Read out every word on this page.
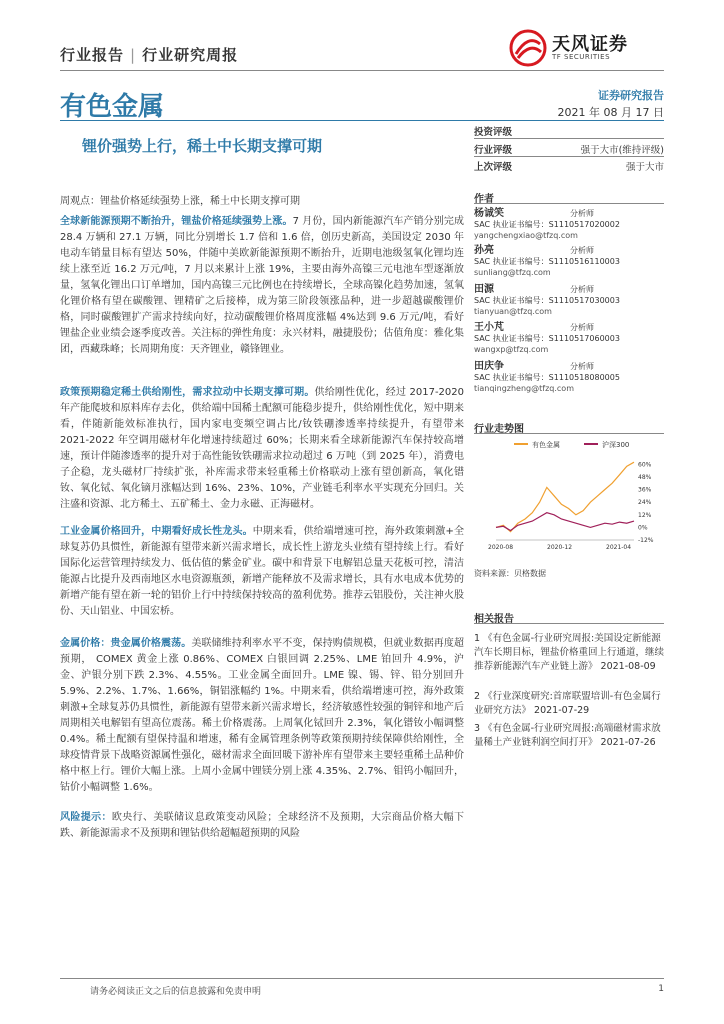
行业报告 | 行业研究周报	天风证券
TF SECURITIES
有色金属	证券研究报告
2021 年 08 月 17 日
锂价强势上行，稀土中长期支撑可期
投资评级
行业评级	强于大市(维持评级)
上次评级	强于大市
作者
杨诚笑	分析师
SAC 执业证书编号：S1110517020002
yangchengxiao@tfzq.com
孙亮	分析师
SAC 执业证书编号：S1110516110003
sunliang@tfzq.com
田源	分析师
SAC 执业证书编号：S1110517030003
tianyuan@tfzq.com
王小芃	分析师
SAC 执业证书编号：S1110517060003
wangxp@tfzq.com
田庆争	分析师
SAC 执业证书编号：S1110518080005
tianqingzheng@tfzq.com
行业走势图
有色金属	沪深300
-12%
0%
12%
24%
36%
48%
60%
2020-08	2020-12	2021-04
资料来源：贝格数据
相关报告
1 《有色金属-行业研究周报:美国设定新能源汽车长期目标，锂盐价格重回上行通道，继续推荐新能源汽车产业链上游》 2021-08-09
2 《行业深度研究:首席联盟培训-有色金属行业研究方法》 2021-07-29
3 《有色金属-行业研究周报:高端磁材需求放量稀土产业链利润空间打开》 2021-07-26
周观点：锂盐价格延续强势上涨，稀土中长期支撑可期
全球新能源预期不断抬升，锂盐价格延续强势上涨。7 月份，国内新能源汽车产销分别完成 28.4 万辆和 27.1 万辆，同比分别增长 1.7 倍和 1.6 倍，创历史新高，美国设定 2030 年电动车销量目标有望达 50%，伴随中美欧新能源预期不断抬升，近期电池级氢氧化锂均连续上涨至近 16.2 万元/吨，7 月以来累计上涨 19%，主要由海外高镍三元电池车型逐渐放量，氢氧化锂出口订单增加，国内高镍三元比例也在持续增长，全球高镍化趋势加速，氢氧化锂价格有望在碳酸锂、锂精矿之后接棒，成为第三阶段领涨品种，进一步超越碳酸锂价格，同时碳酸锂扩产需求持续向好，拉动碳酸锂价格周度涨幅 4%达到 9.6 万元/吨，看好锂盐企业业绩会逐季度改善。关注标的弹性角度：永兴材料，融捷股份；估值角度：雅化集团，西藏珠峰；长周期角度：天齐锂业，赣锋锂业。
政策预期稳定稀土供给刚性，需求拉动中长期支撑可期。供给刚性优化，经过 2017-2020 年产能爬坡和原料库存去化，供给端中国稀土配额可能稳步提升，供给刚性优化，短中期来看，伴随新能效标准执行，国内家电变频空调占比/钕铁硼渗透率持续提升，有望带来 2021-2022 年空调用磁材年化增速持续超过 60%；长期来看全球新能源汽车保持较高增速，预计伴随渗透率的提升对于高性能钕铁硼需求拉动超过 6 万吨（到 2025 年），消费电子企稳，龙头磁材厂持续扩张，补库需求带来轻重稀土价格联动上涨有望创新高，氧化镨钕、氧化铽、氧化镝月涨幅达到 16%、23%、10%，产业链毛利率水平实现充分回归。关注盛和资源、北方稀土、五矿稀土、金力永磁、正海磁材。
工业金属价格回升，中期看好成长性龙头。中期来看，供给端增速可控，海外政策刺激+全球复苏仍具惯性，新能源有望带来新兴需求增长，成长性上游龙头业绩有望持续上行。看好国际化运营管理持续发力、低估值的紫金矿业。碳中和背景下电解铝总量天花板可控，清洁能源占比提升及西南地区水电资源瓶颈，新增产能释放不及需求增长，具有水电成本优势的新增产能有望在新一轮的铝价上行中持续保持较高的盈利优势。推荐云铝股份，关注神火股份、天山铝业、中国宏桥。
金属价格：贵金属价格震荡。美联储维持利率水平不变，保持购债规模，但就业数据再度超预期， COMEX 黄金上涨 0.86%、COMEX 白银回调 2.25%、LME 铂回升 4.9%，沪金、沪银分别下跌 2.3%、4.55%。工业金属全面回升。LME 镍、锡、锌、铅分别回升 5.9%、2.2%、1.7%、1.66%，铜铝涨幅约 1%。中期来看，供给端增速可控，海外政策刺激+全球复苏仍具惯性，新能源有望带来新兴需求增长，经济敏感性较强的铜锌和地产后周期相关电解铝有望高位震荡。稀土价格震荡。上周氧化铽回升 2.3%，氧化镨钕小幅调整 0.4%。稀土配额有望保持温和增速，稀有金属管理条例等政策预期持续保障供给刚性，全球疫情背景下战略资源属性强化，磁材需求全面回暖下游补库有望带来主要轻重稀土品种价格中枢上行。锂价大幅上涨。上周小金属中锂镁分别上涨 4.35%、2.7%、钼钨小幅回升，钴价小幅调整 1.6%。
风险提示：欧央行、美联储议息政策变动风险；全球经济不及预期，大宗商品价格大幅下跌、新能源需求不及预期和锂钴供给超幅超预期的风险
请务必阅读正文之后的信息披露和免责申明	1
